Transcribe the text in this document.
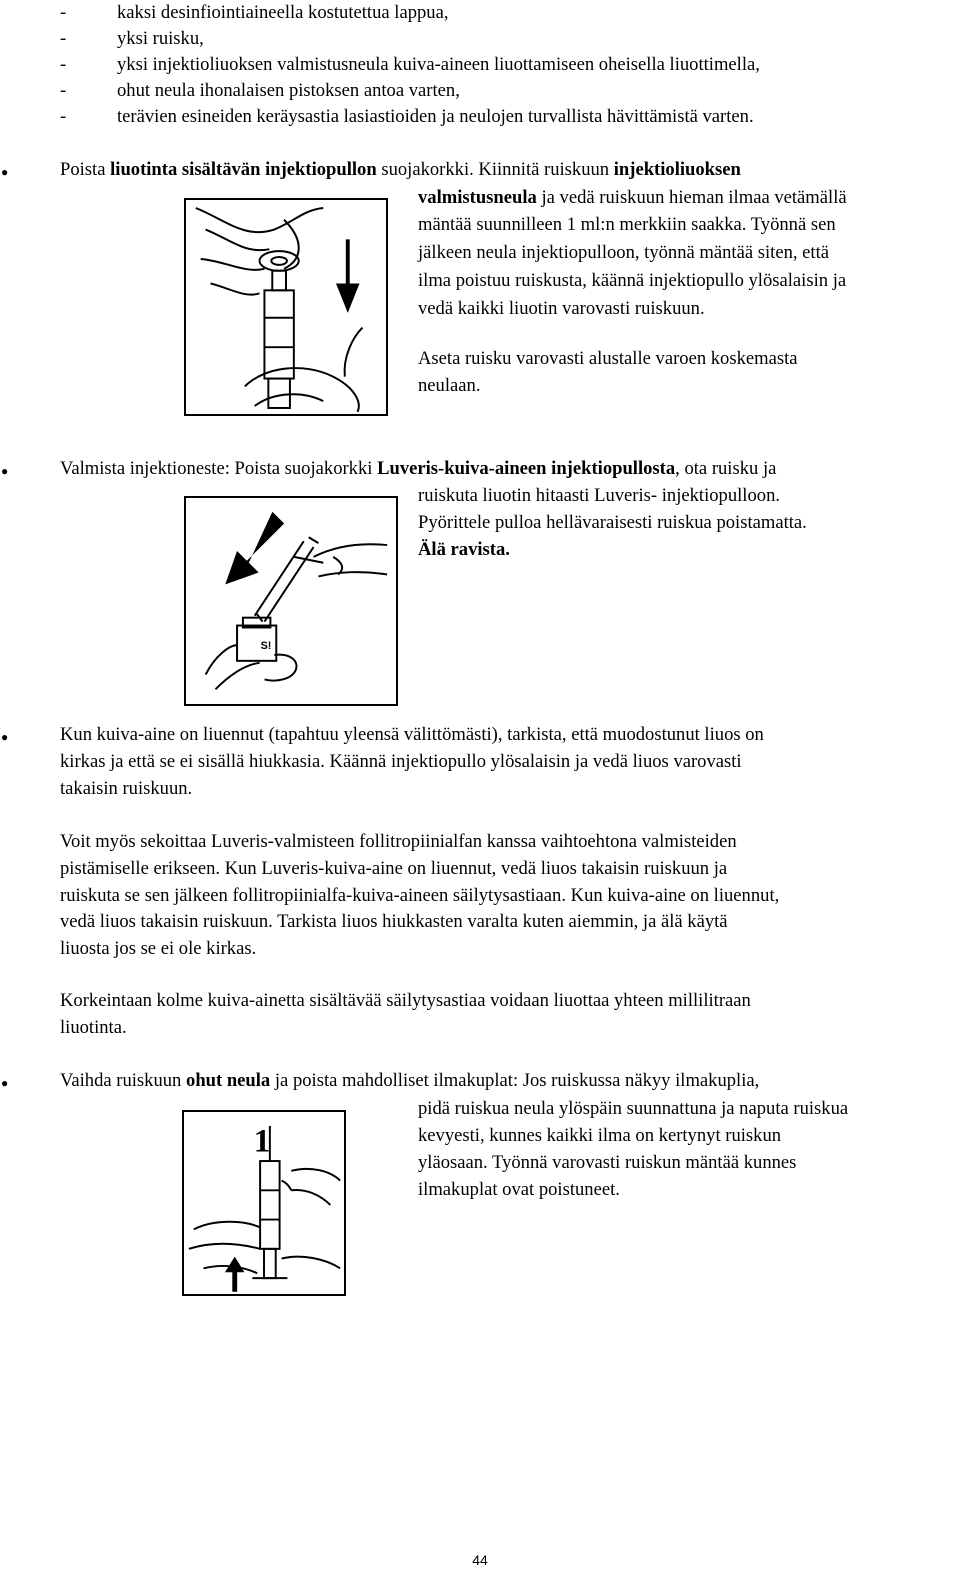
-	kaksi desinfiointiaineella kostutettua lappua,
-	yksi ruisku,
-	yksi injektioliuoksen valmistusneula kuiva-aineen liuottamiseen oheisella liuottimella,
-	ohut neula ihonalaisen pistoksen antoa varten,
-	terävien esineiden keräysastia lasiastioiden ja neulojen turvallista hävittämistä varten.
●	Poista liuotinta sisältävän injektiopullon suojakorkki. Kiinnitä ruiskuun injektioliuoksen
valmistusneula ja vedä ruiskuun hieman ilmaa vetämällä
mäntää suunnilleen 1 ml:n merkkiin saakka. Työnnä sen
jälkeen neula injektiopulloon, työnnä mäntää siten, että
ilma poistuu ruiskusta, käännä injektiopullo ylösalaisin ja
vedä kaikki liuotin varovasti ruiskuun.
Aseta ruisku varovasti alustalle varoen koskemasta
neulaan.
●	Valmista injektioneste: Poista suojakorkki Luveris-kuiva-aineen injektiopullosta, ota ruisku ja
ruiskuta liuotin hitaasti Luveris- injektiopulloon.
Pyörittele pulloa hellävaraisesti ruiskua poistamatta.
Älä ravista.
S!
●	Kun kuiva-aine on liuennut (tapahtuu yleensä välittömästi), tarkista, että muodostunut liuos on
kirkas ja että se ei sisällä hiukkasia. Käännä injektiopullo ylösalaisin ja vedä liuos varovasti
takaisin ruiskuun.
Voit myös sekoittaa Luveris-valmisteen follitropiinialfan kanssa vaihtoehtona valmisteiden
pistämiselle erikseen. Kun Luveris-kuiva-aine on liuennut, vedä liuos takaisin ruiskuun ja
ruiskuta se sen jälkeen follitropiinialfa-kuiva-aineen säilytysastiaan. Kun kuiva-aine on liuennut,
vedä liuos takaisin ruiskuun. Tarkista liuos hiukkasten varalta kuten aiemmin, ja älä käytä
liuosta jos se ei ole kirkas.
Korkeintaan kolme kuiva-ainetta sisältävää säilytysastiaa voidaan liuottaa yhteen millilitraan
liuotinta.
●	Vaihda ruiskuun ohut neula ja poista mahdolliset ilmakuplat: Jos ruiskussa näkyy ilmakuplia,
pidä ruiskua neula ylöspäin suunnattuna ja naputa ruiskua
kevyesti, kunnes kaikki ilma on kertynyt ruiskun
yläosaan. Työnnä varovasti ruiskun mäntää kunnes
ilmakuplat ovat poistuneet.
1
44
